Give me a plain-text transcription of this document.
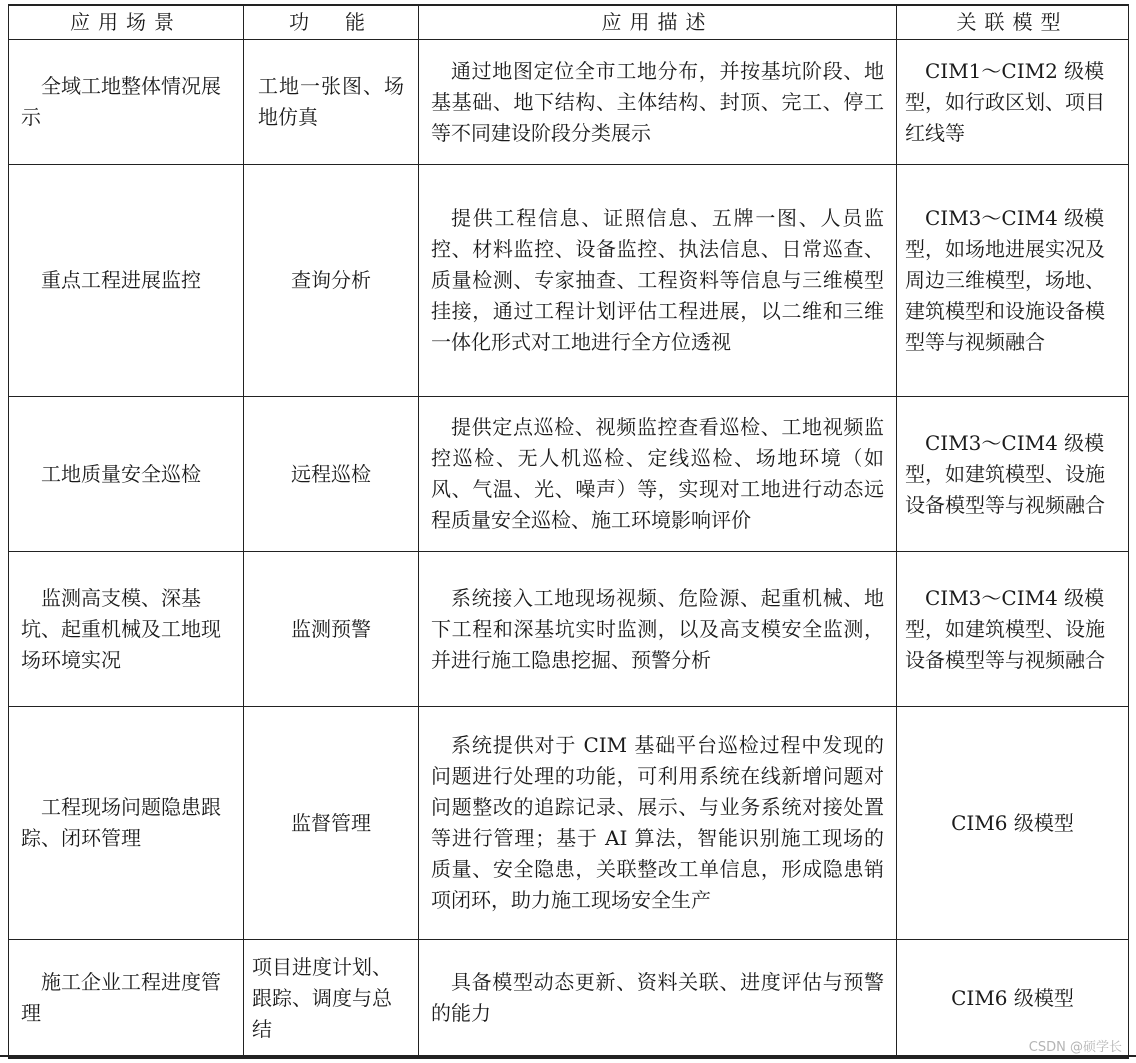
应用场景	功　能	应用描述	关联模型

全域工地整体情况展示	工地一张图、场地仿真	通过地图定位全市工地分布，并按基坑阶段、地基基础、地下结构、主体结构、封顶、完工、停工等不同建设阶段分类展示	CIM1～CIM2 级模型，如行政区划、项目红线等

重点工程进展监控	查询分析	提供工程信息、证照信息、五牌一图、人员监控、材料监控、设备监控、执法信息、日常巡查、质量检测、专家抽查、工程资料等信息与三维模型挂接，通过工程计划评估工程进展，以二维和三维一体化形式对工地进行全方位透视	CIM3～CIM4 级模型，如场地进展实况及周边三维模型，场地、建筑模型和设施设备模型等与视频融合

工地质量安全巡检	远程巡检	提供定点巡检、视频监控查看巡检、工地视频监控巡检、无人机巡检、定线巡检、场地环境（如风、气温、光、噪声）等，实现对工地进行动态远程质量安全巡检、施工环境影响评价	CIM3～CIM4 级模型，如建筑模型、设施设备模型等与视频融合

监测高支模、深基坑、起重机械及工地现场环境实况	监测预警	系统接入工地现场视频、危险源、起重机械、地下工程和深基坑实时监测，以及高支模安全监测，并进行施工隐患挖掘、预警分析	CIM3～CIM4 级模型，如建筑模型、设施设备模型等与视频融合

工程现场问题隐患跟踪、闭环管理	监督管理	系统提供对于 CIM 基础平台巡检过程中发现的问题进行处理的功能，可利用系统在线新增问题对问题整改的追踪记录、展示、与业务系统对接处置等进行管理；基于 AI 算法，智能识别施工现场的质量、安全隐患，关联整改工单信息，形成隐患销项闭环，助力施工现场安全生产	CIM6 级模型

施工企业工程进度管理	项目进度计划、跟踪、调度与总结	具备模型动态更新、资料关联、进度评估与预警的能力	CIM6 级模型
CSDN @硕学长
